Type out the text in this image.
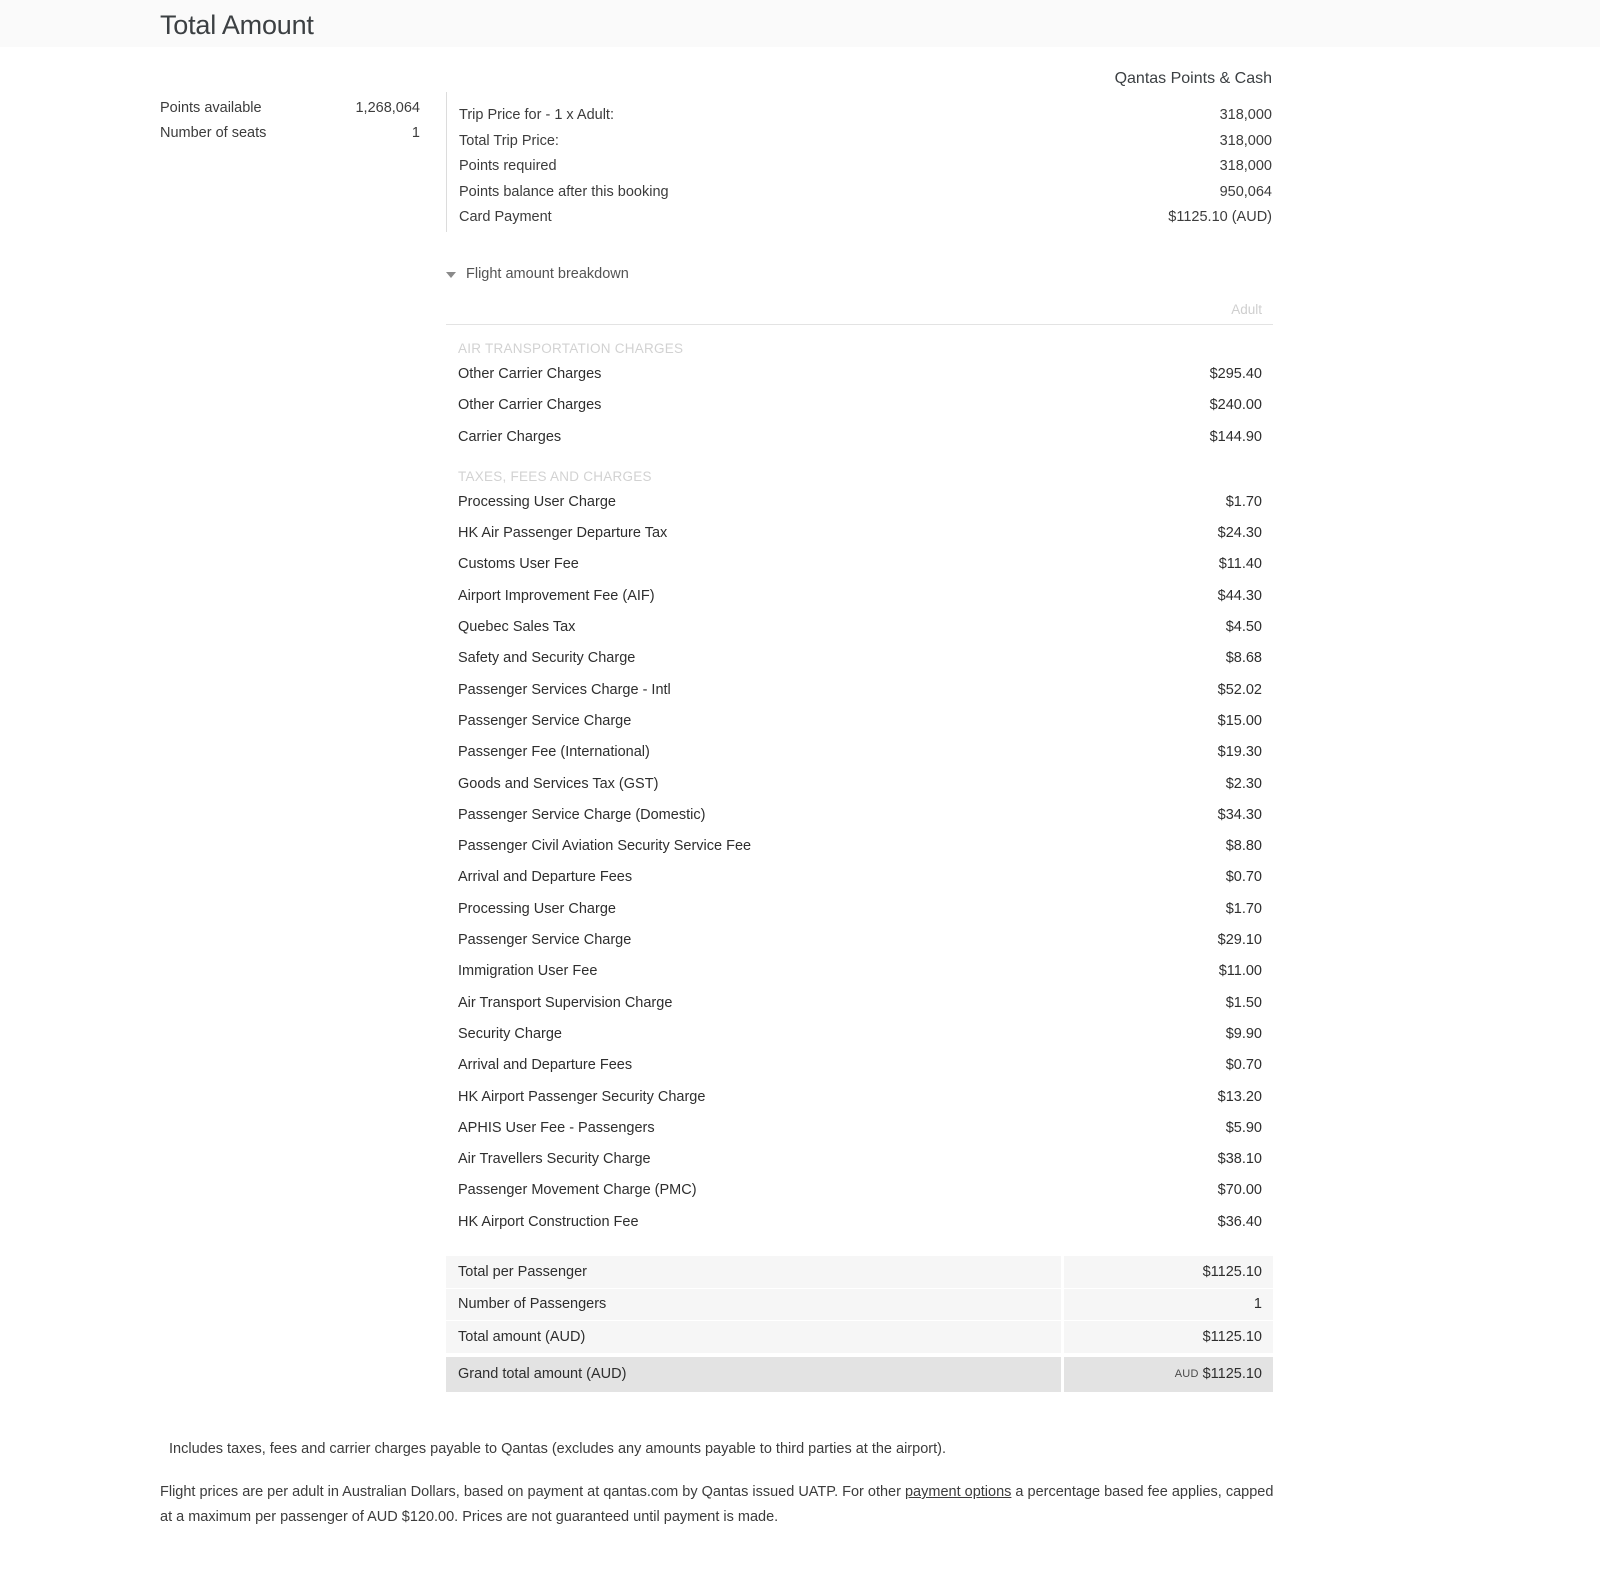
Total Amount
Points available	1,268,064
Number of seats	1
Qantas Points & Cash
Trip Price for - 1 x Adult:	318,000
Total Trip Price:	318,000
Points required	318,000
Points balance after this booking	950,064
Card Payment	$1125.10 (AUD)
Flight amount breakdown
Adult
AIR TRANSPORTATION CHARGES
Other Carrier Charges	$295.40
Other Carrier Charges	$240.00
Carrier Charges	$144.90
TAXES, FEES AND CHARGES
Processing User Charge	$1.70
HK Air Passenger Departure Tax	$24.30
Customs User Fee	$11.40
Airport Improvement Fee (AIF)	$44.30
Quebec Sales Tax	$4.50
Safety and Security Charge	$8.68
Passenger Services Charge - Intl	$52.02
Passenger Service Charge	$15.00
Passenger Fee (International)	$19.30
Goods and Services Tax (GST)	$2.30
Passenger Service Charge (Domestic)	$34.30
Passenger Civil Aviation Security Service Fee	$8.80
Arrival and Departure Fees	$0.70
Processing User Charge	$1.70
Passenger Service Charge	$29.10
Immigration User Fee	$11.00
Air Transport Supervision Charge	$1.50
Security Charge	$9.90
Arrival and Departure Fees	$0.70
HK Airport Passenger Security Charge	$13.20
APHIS User Fee - Passengers	$5.90
Air Travellers Security Charge	$38.10
Passenger Movement Charge (PMC)	$70.00
HK Airport Construction Fee	$36.40
Total per Passenger	$1125.10
Number of Passengers	1
Total amount (AUD)	$1125.10
Grand total amount (AUD)	AUD $1125.10
Includes taxes, fees and carrier charges payable to Qantas (excludes any amounts payable to third parties at the airport).
Flight prices are per adult in Australian Dollars, based on payment at qantas.com by Qantas issued UATP. For other payment options a percentage based fee applies, capped at a maximum per passenger of AUD $120.00. Prices are not guaranteed until payment is made.
